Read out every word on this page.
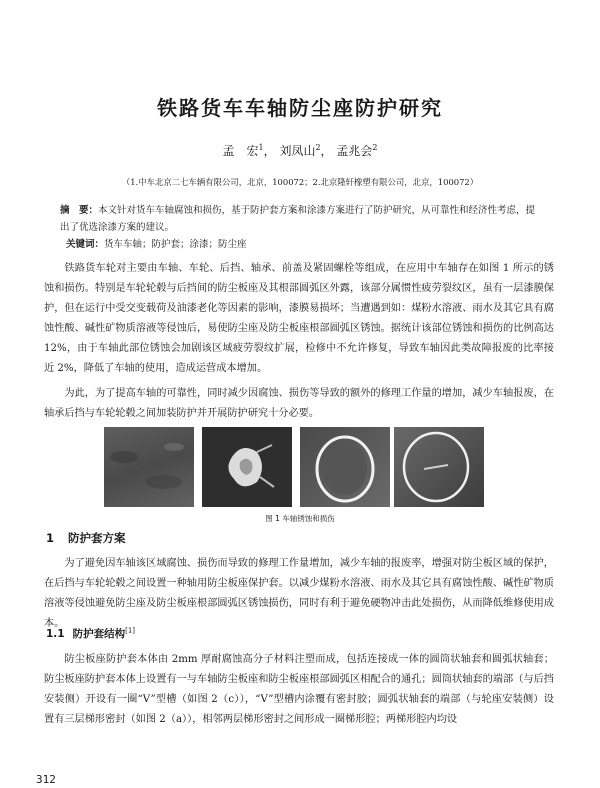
铁路货车车轴防尘座防护研究
孟　宏$^1$， 刘凤山$^2$， 孟兆会$^2$
（1.中车北京二七车辆有限公司，北京，100072；2.北京隆轩橡塑有限公司，北京，100072）
摘　要：本文针对货车车轴腐蚀和损伤，基于防护套方案和涂漆方案进行了防护研究，从可靠性和经济性考虑，提出了优选涂漆方案的建议。
关键词：货车车轴；防护套；涂漆；防尘座
铁路货车轮对主要由车轴、车轮、后挡、轴承、前盖及紧固螺栓等组成，在应用中车轴存在如图 1 所示的锈蚀和损伤。特别是车轮轮毂与后挡间的防尘板座及其根部圆弧区外露，该部分属惯性疲劳裂纹区，虽有一层漆膜保护，但在运行中受交变载荷及油漆老化等因素的影响，漆膜易损坏；当遭遇到如：煤粉水溶液、雨水及其它具有腐蚀性酸、碱性矿物质溶液等侵蚀后，易使防尘座及防尘板座根部圆弧区锈蚀。据统计该部位锈蚀和损伤的比例高达 12%，由于车轴此部位锈蚀会加剧该区域疲劳裂纹扩展，检修中不允许修复，导致车轴因此类故障报废的比率接近 2%，降低了车轴的使用，造成运营成本增加。
为此，为了提高车轴的可靠性，同时减少因腐蚀、损伤等导致的额外的修理工作量的增加，减少车轴报废，在轴承后挡与车轮轮毂之间加装防护并开展防护研究十分必要。
图 1 车轴锈蚀和损伤
1 防护套方案
为了避免因车轴该区域腐蚀、损伤而导致的修理工作量增加，减少车轴的报废率，增强对防尘板区域的保护，在后挡与车轮轮毂之间设置一种轴用防尘板座保护套。以减少煤粉水溶液、雨水及其它具有腐蚀性酸、碱性矿物质溶液等侵蚀避免防尘座及防尘板座根部圆弧区锈蚀损伤，同时有利于避免硬物冲击此处损伤，从而降低维修使用成本。
1.1 防护套结构[1]
防尘板座防护套本体由 2mm 厚耐腐蚀高分子材料注塑而成，包括连接成一体的圆筒状轴套和圆弧状轴套；防尘板座防护套本体上设置有一与车轴防尘板座和防尘板座根部圆弧区相配合的通孔；圆筒状轴套的端部（与后挡安装侧）开设有一圈“V”型槽（如图 2（c）），“V”型槽内涂覆有密封胶；圆弧状轴套的端部（与轮座安装侧）设置有三层梯形密封（如图 2（a）），相邻两层梯形密封之间形成一圈梯形腔；两梯形腔内均设
312
